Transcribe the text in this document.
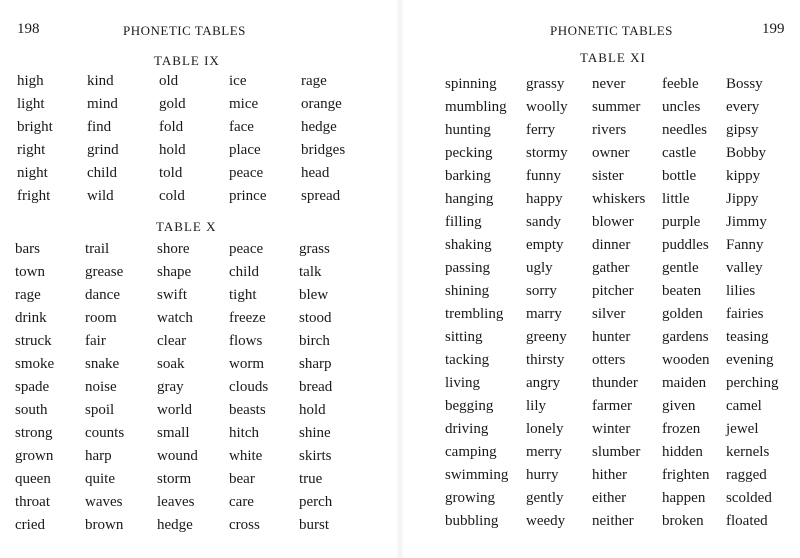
198	PHONETIC TABLES
TABLE IX
high	kind	old	ice	rage
light	mind	gold	mice	orange
bright	find	fold	face	hedge
right	grind	hold	place	bridges
night	child	told	peace	head
fright	wild	cold	prince	spread
TABLE X
bars	trail	shore	peace	grass
town	grease	shape	child	talk
rage	dance	swift	tight	blew
drink	room	watch	freeze	stood
struck	fair	clear	flows	birch
smoke	snake	soak	worm	sharp
spade	noise	gray	clouds	bread
south	spoil	world	beasts	hold
strong	counts	small	hitch	shine
grown	harp	wound	white	skirts
queen	quite	storm	bear	true
throat	waves	leaves	care	perch
cried	brown	hedge	cross	burst
PHONETIC TABLES	199
TABLE XI
spinning	grassy	never	feeble	Bossy
mumbling	woolly	summer	uncles	every
hunting	ferry	rivers	needles	gipsy
pecking	stormy	owner	castle	Bobby
barking	funny	sister	bottle	kippy
hanging	happy	whiskers	little	Jippy
filling	sandy	blower	purple	Jimmy
shaking	empty	dinner	puddles	Fanny
passing	ugly	gather	gentle	valley
shining	sorry	pitcher	beaten	lilies
trembling	marry	silver	golden	fairies
sitting	greeny	hunter	gardens	teasing
tacking	thirsty	otters	wooden	evening
living	angry	thunder	maiden	perching
begging	lily	farmer	given	camel
driving	lonely	winter	frozen	jewel
camping	merry	slumber	hidden	kernels
swimming	hurry	hither	frighten	ragged
growing	gently	either	happen	scolded
bubbling	weedy	neither	broken	floated
